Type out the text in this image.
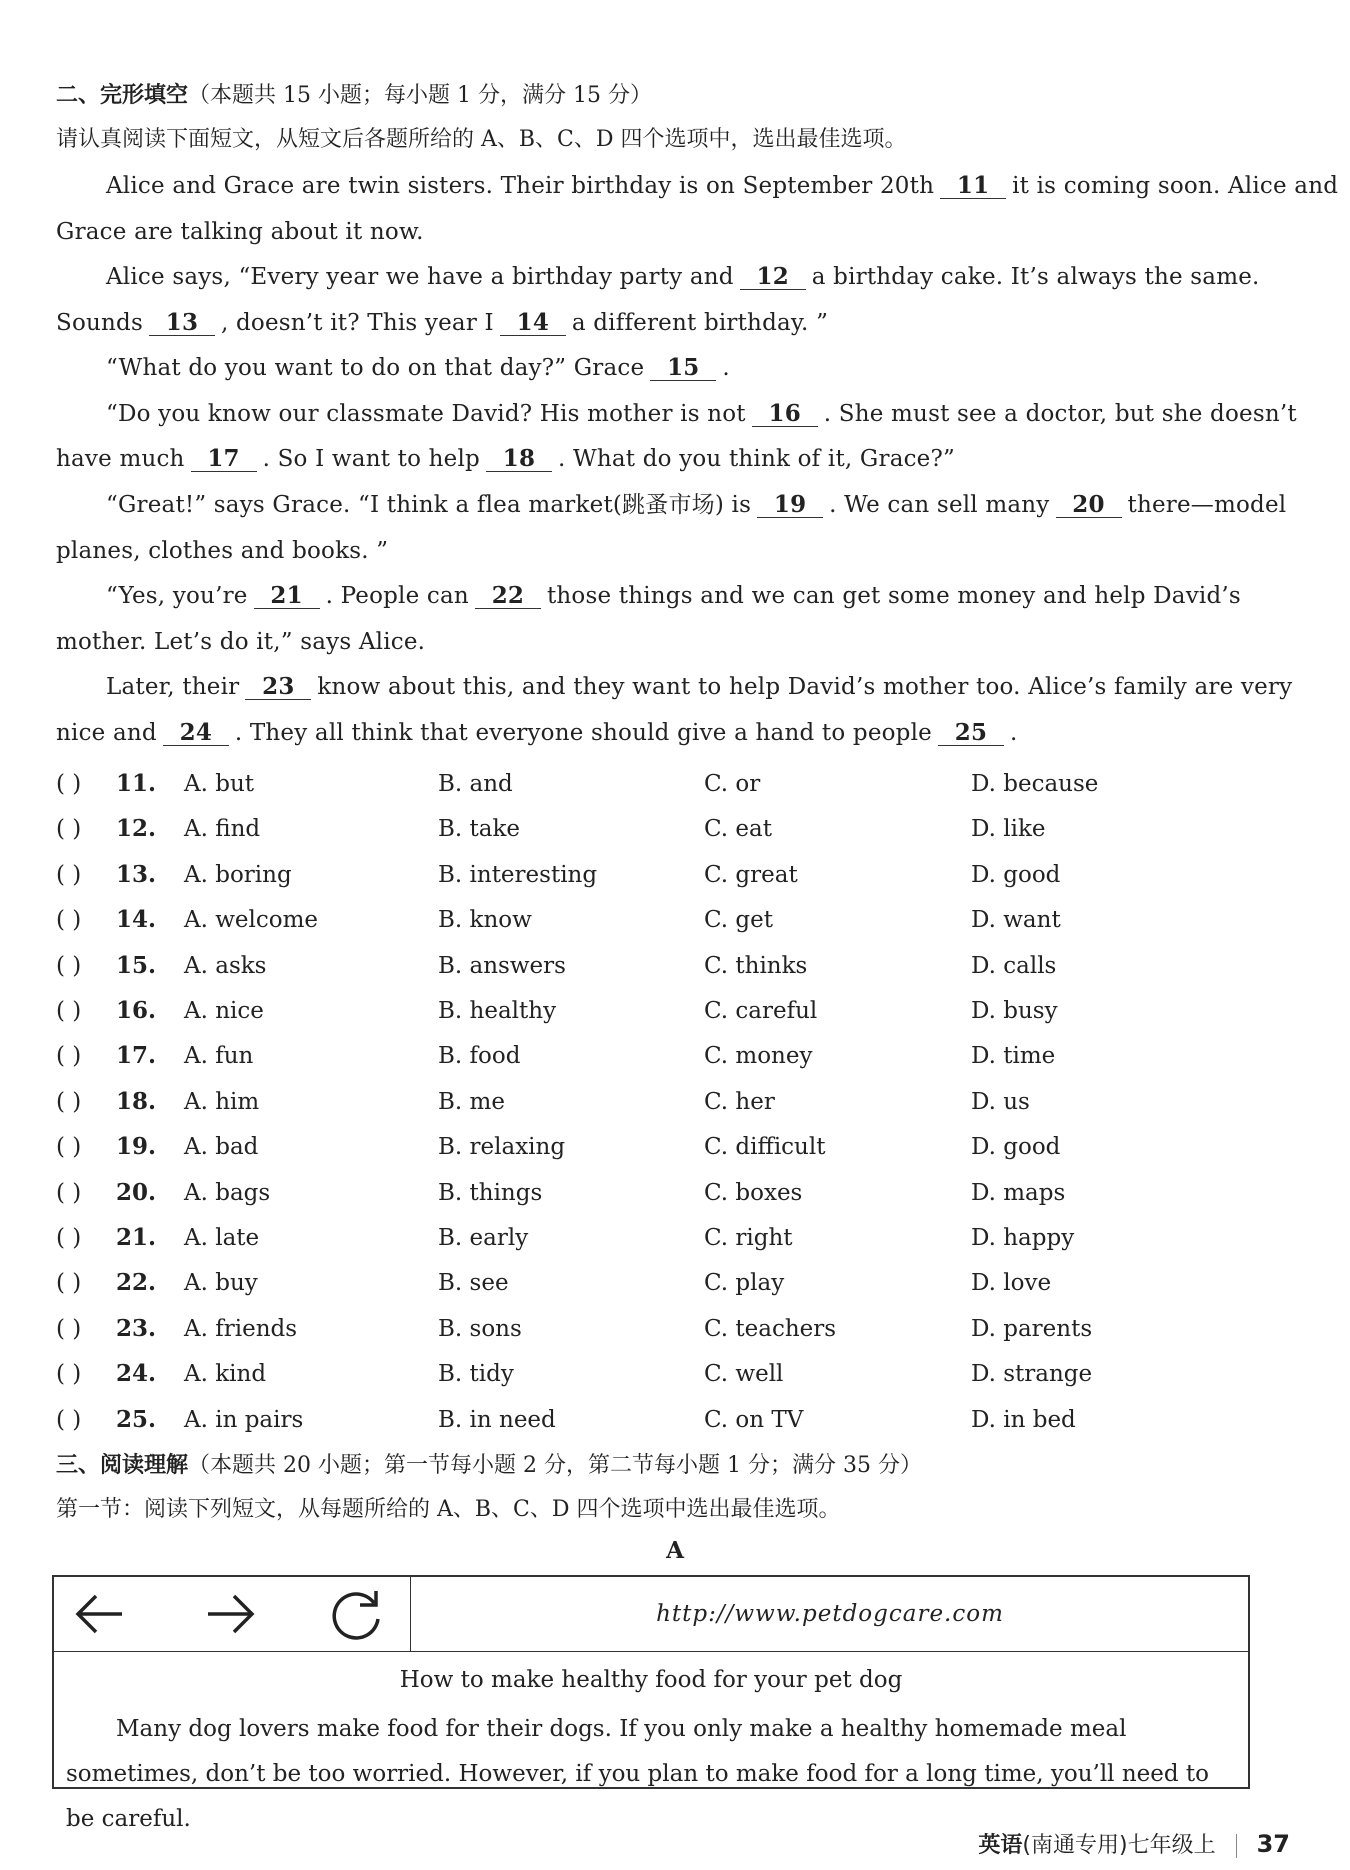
二、完形填空（本题共 15 小题；每小题 1 分，满分 15 分）
请认真阅读下面短文，从短文后各题所给的 A、B、C、D 四个选项中，选出最佳选项。
Alice and Grace are twin sisters. Their birthday is on September 20th 11 it is coming soon. Alice and
Grace are talking about it now.
Alice says, “Every year we have a birthday party and 12 a birthday cake. It’s always the same.
Sounds 13 , doesn’t it? This year I 14 a different birthday. ”
“What do you want to do on that day?” Grace 15 .
“Do you know our classmate David? His mother is not 16 . She must see a doctor, but she doesn’t
have much 17 . So I want to help 18 . What do you think of it, Grace?”
“Great!” says Grace. “I think a flea market(跳蚤市场) is 19 . We can sell many 20 there—model
planes, clothes and books. ”
“Yes, you’re 21 . People can 22 those things and we can get some money and help David’s
mother. Let’s do it,” says Alice.
Later, their 23 know about this, and they want to help David’s mother too. Alice’s family are very
nice and 24 . They all think that everyone should give a hand to people 25 .
( ) 11. A. but	B. and	C. or	D. because
( ) 12. A. find	B. take	C. eat	D. like
( ) 13. A. boring	B. interesting	C. great	D. good
( ) 14. A. welcome	B. know	C. get	D. want
( ) 15. A. asks	B. answers	C. thinks	D. calls
( ) 16. A. nice	B. healthy	C. careful	D. busy
( ) 17. A. fun	B. food	C. money	D. time
( ) 18. A. him	B. me	C. her	D. us
( ) 19. A. bad	B. relaxing	C. difficult	D. good
( ) 20. A. bags	B. things	C. boxes	D. maps
( ) 21. A. late	B. early	C. right	D. happy
( ) 22. A. buy	B. see	C. play	D. love
( ) 23. A. friends	B. sons	C. teachers	D. parents
( ) 24. A. kind	B. tidy	C. well	D. strange
( ) 25. A. in pairs	B. in need	C. on TV	D. in bed
三、阅读理解（本题共 20 小题；第一节每小题 2 分，第二节每小题 1 分；满分 35 分）
第一节：阅读下列短文，从每题所给的 A、B、C、D 四个选项中选出最佳选项。
A
http://www.petdogcare.com
How to make healthy food for your pet dog
Many dog lovers make food for their dogs. If you only make a healthy homemade meal sometimes, don’t be too worried. However, if you plan to make food for a long time, you’ll need to be careful.
英语(南通专用)七年级上 37
